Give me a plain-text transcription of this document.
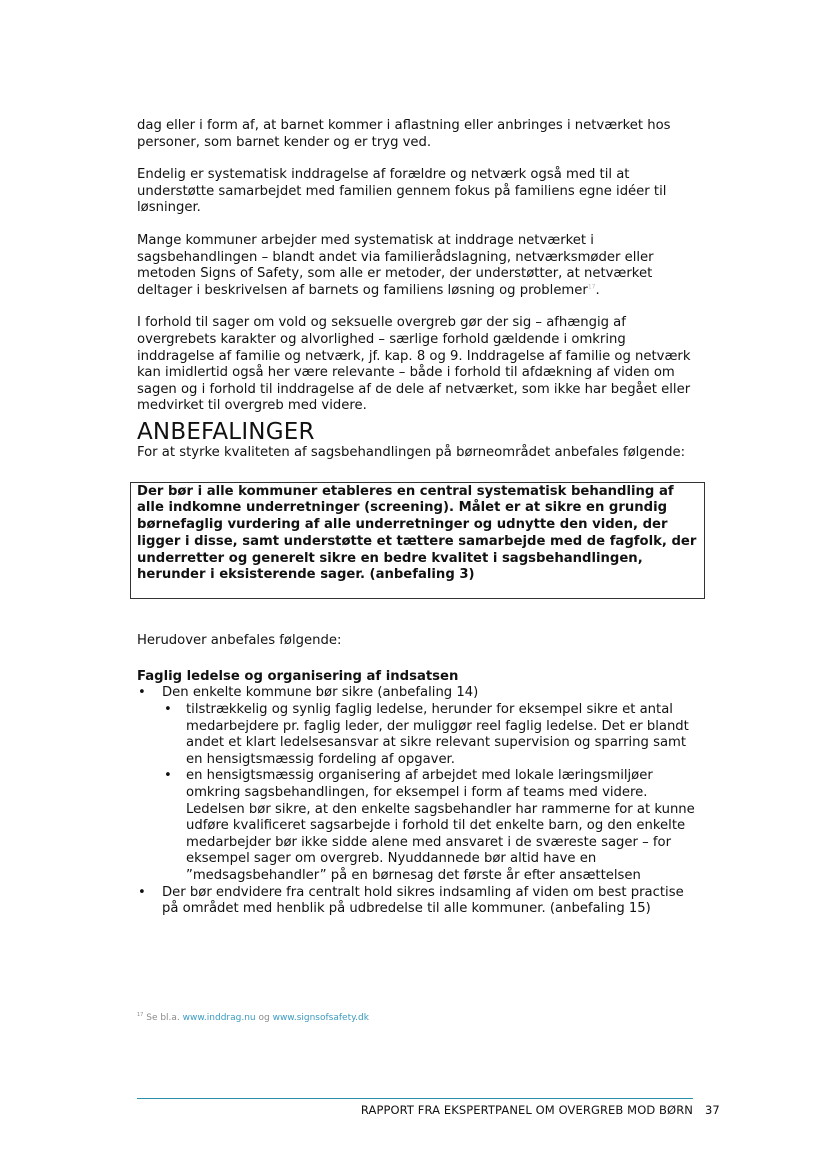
dag eller i form af, at barnet kommer i aflastning eller anbringes i netværket hos personer, som barnet kender og er tryg ved.

Endelig er systematisk inddragelse af forældre og netværk også med til at understøtte samarbejdet med familien gennem fokus på familiens egne idéer til løsninger.

Mange kommuner arbejder med systematisk at inddrage netværket i sagsbehandlingen – blandt andet via familierådslagning, netværksmøder eller metoden Signs of Safety, som alle er metoder, der understøtter, at netværket deltager i beskrivelsen af barnets og familiens løsning og problemer$^{17}$.

I forhold til sager om vold og seksuelle overgreb gør der sig – afhængig af overgrebets karakter og alvorlighed – særlige forhold gældende i omkring inddragelse af familie og netværk, jf. kap. 8 og 9. Inddragelse af familie og netværk kan imidlertid også her være relevante – både i forhold til afdækning af viden om sagen og i forhold til inddragelse af de dele af netværket, som ikke har begået eller medvirket til overgreb med videre.

ANBEFALINGER

For at styrke kvaliteten af sagsbehandlingen på børneområdet anbefales følgende:

Der bør i alle kommuner etableres en central systematisk behandling af alle indkomne underretninger (screening). Målet er at sikre en grundig børnefaglig vurdering af alle underretninger og udnytte den viden, der ligger i disse, samt understøtte et tættere samarbejde med de fagfolk, der underretter og generelt sikre en bedre kvalitet i sagsbehandlingen, herunder i eksisterende sager. (anbefaling 3)

Herudover anbefales følgende:

Faglig ledelse og organisering af indsatsen

• Den enkelte kommune bør sikre (anbefaling 14)
• tilstrækkelig og synlig faglig ledelse, herunder for eksempel sikre et antal medarbejdere pr. faglig leder, der muliggør reel faglig ledelse. Det er blandt andet et klart ledelsesansvar at sikre relevant supervision og sparring samt en hensigtsmæssig fordeling af opgaver.
• en hensigtsmæssig organisering af arbejdet med lokale læringsmiljøer omkring sagsbehandlingen, for eksempel i form af teams med videre. Ledelsen bør sikre, at den enkelte sagsbehandler har rammerne for at kunne udføre kvalificeret sagsarbejde i forhold til det enkelte barn, og den enkelte medarbejder bør ikke sidde alene med ansvaret i de sværeste sager – for eksempel sager om overgreb. Nyuddannede bør altid have en ”medsagsbehandler” på en børnesag det første år efter ansættelsen
• Der bør endvidere fra centralt hold sikres indsamling af viden om best practise på området med henblik på udbredelse til alle kommuner. (anbefaling 15)
$^{17}$ Se bl.a. www.inddrag.nu og www.signsofsafety.dk
RAPPORT FRA EKSPERTPANEL OM OVERGREB MOD BØRN 37
